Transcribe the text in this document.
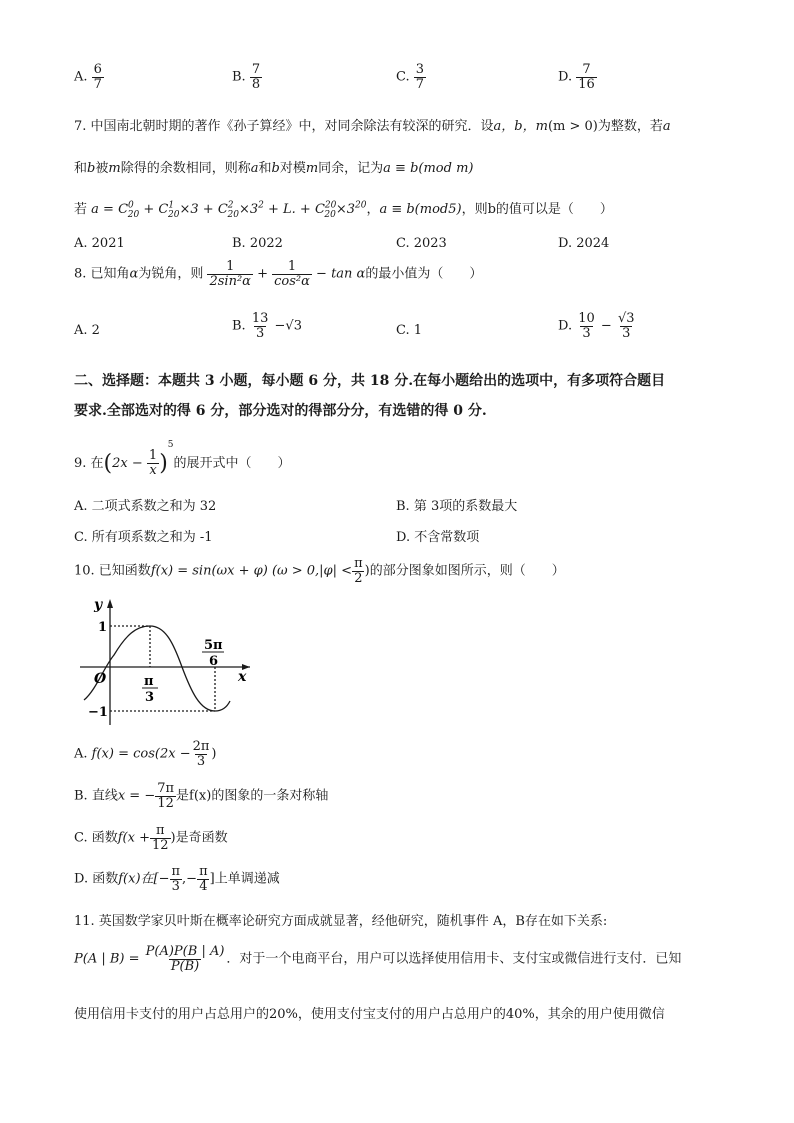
A. $\frac{6}{7}$	B. $\frac{7}{8}$	C. $\frac{3}{7}$	D. $\frac{7}{16}$
7. 中国南北朝时期的著作《孙子算经》中，对同余除法有较深的研究．设a，b，m(m > 0)为整数，若a
和b被m除得的余数相同，则称a和b对模m同余，记为a ≡ b(mod m)
若 $a = C^0_{20} + C^1_{20}\times 3 + C^2_{20}\times 3^2 + L$. + $C^{20}_{20}\times 3^{20}$，a ≡ b(mod5)，则b的值可以是（　　）
A. 2021	B. 2022	C. 2023	D. 2024
8. 已知角α为锐角，则 $\frac{1}{\text{2sin²α}} + \frac{1}{\text{cos²α}} - \tan \alpha$的最小值为（　　）
A. 2	B. $\frac{13}{3} -√3$	C. 1	D. $\frac{10}{3} - \frac{√3}{3}$
二、选择题：本题共 3 小题，每小题 6 分，共 18 分.在每小题给出的选项中，有多项符合题目
要求.全部选对的得 6 分，部分选对的得部分分，有选错的得 0 分.
9. 在$(2x - \frac{1}{x} )^5$的展开式中（　　）
A. 二项式系数之和为 32	B. 第 3项的系数最大
C. 所有项系数之和为 -1	D. 不含常数项
10. 已知函数f(x) = sin(ωx + φ) ($\omega > 0,|\varphi| < \frac{\pi}{2}$ )的部分图象如图所示，则（　　）
y
x
O
1
−1
π
3
5π
6
A. $f(x) = \cos(2x - \frac{2\pi}{3}$ )
B. 直线x = − $\frac{7\pi}{12}$ 是f(x)的图象的一条对称轴
C. 函数$f(x + \frac{\pi}{12}$ )是奇函数
D. 函数f(x)在[− $\frac{\pi}{3}$ ,− $\frac{\pi}{4}$ ]上单调递减
11. 英国数学家贝叶斯在概率论研究方面成就显著，经他研究，随机事件 A，B存在如下关系:
P(A | $B) = \frac{P(A)P(B | A)}{P(B)}$ ．对于一个电商平台，用户可以选择使用信用卡、支付宝或微信进行支付．已知
使用信用卡支付的用户占总用户的20%，使用支付宝支付的用户占总用户的40%，其余的用户使用微信
